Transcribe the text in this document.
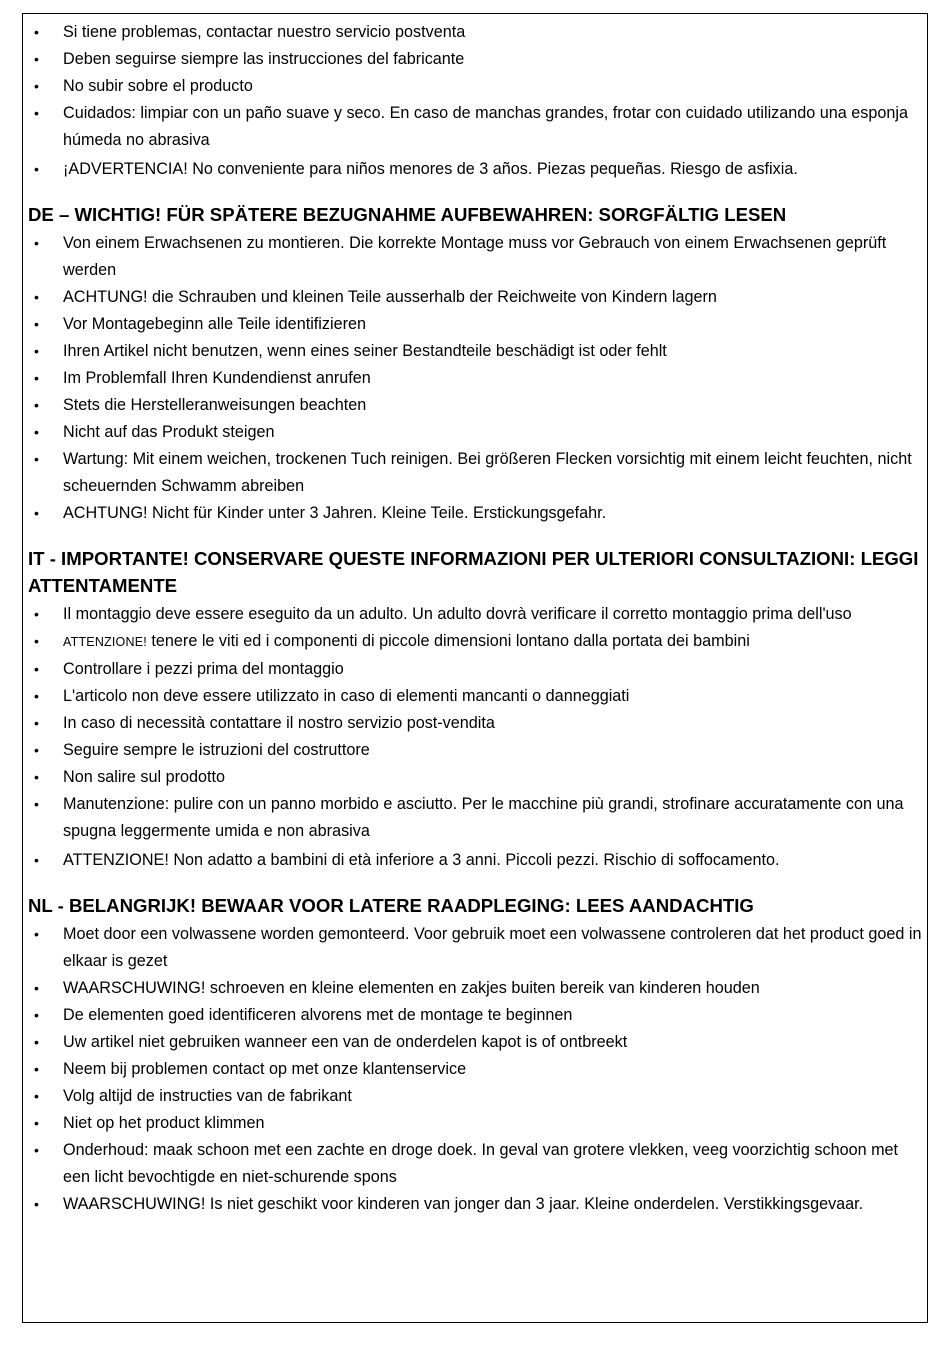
• Si tiene problemas, contactar nuestro servicio postventa
• Deben seguirse siempre las instrucciones del fabricante
• No subir sobre el producto
• Cuidados: limpiar con un paño suave y seco. En caso de manchas grandes, frotar con cuidado utilizando una esponja húmeda no abrasiva
• ¡ADVERTENCIA! No conveniente para niños menores de 3 años. Piezas pequeñas. Riesgo de asfixia.
DE – WICHTIG! FÜR SPÄTERE BEZUGNAHME AUFBEWAHREN: SORGFÄLTIG LESEN
• Von einem Erwachsenen zu montieren. Die korrekte Montage muss vor Gebrauch von einem Erwachsenen geprüft werden
• ACHTUNG! die Schrauben und kleinen Teile ausserhalb der Reichweite von Kindern lagern
• Vor Montagebeginn alle Teile identifizieren
• Ihren Artikel nicht benutzen, wenn eines seiner Bestandteile beschädigt ist oder fehlt
• Im Problemfall Ihren Kundendienst anrufen
• Stets die Herstelleranweisungen beachten
• Nicht auf das Produkt steigen
• Wartung: Mit einem weichen, trockenen Tuch reinigen. Bei größeren Flecken vorsichtig mit einem leicht feuchten, nicht scheuernden Schwamm abreiben
• ACHTUNG! Nicht für Kinder unter 3 Jahren. Kleine Teile. Erstickungsgefahr.
IT - IMPORTANTE! CONSERVARE QUESTE INFORMAZIONI PER ULTERIORI CONSULTAZIONI: LEGGI ATTENTAMENTE
• Il montaggio deve essere eseguito da un adulto. Un adulto dovrà verificare il corretto montaggio prima dell'uso
• ATTENZIONE! tenere le viti ed i componenti di piccole dimensioni lontano dalla portata dei bambini
• Controllare i pezzi prima del montaggio
• L'articolo non deve essere utilizzato in caso di elementi mancanti o danneggiati
• In caso di necessità contattare il nostro servizio post-vendita
• Seguire sempre le istruzioni del costruttore
• Non salire sul prodotto
• Manutenzione: pulire con un panno morbido e asciutto. Per le macchine più grandi, strofinare accuratamente con una spugna leggermente umida e non abrasiva
• ATTENZIONE! Non adatto a bambini di età inferiore a 3 anni. Piccoli pezzi. Rischio di soffocamento.
NL - BELANGRIJK! BEWAAR VOOR LATERE RAADPLEGING: LEES AANDACHTIG
• Moet door een volwassene worden gemonteerd. Voor gebruik moet een volwassene controleren dat het product goed in elkaar is gezet
• WAARSCHUWING! schroeven en kleine elementen en zakjes buiten bereik van kinderen houden
• De elementen goed identificeren alvorens met de montage te beginnen
• Uw artikel niet gebruiken wanneer een van de onderdelen kapot is of ontbreekt
• Neem bij problemen contact op met onze klantenservice
• Volg altijd de instructies van de fabrikant
• Niet op het product klimmen
• Onderhoud: maak schoon met een zachte en droge doek. In geval van grotere vlekken, veeg voorzichtig schoon met een licht bevochtigde en niet-schurende spons
• WAARSCHUWING! Is niet geschikt voor kinderen van jonger dan 3 jaar. Kleine onderdelen. Verstikkingsgevaar.
